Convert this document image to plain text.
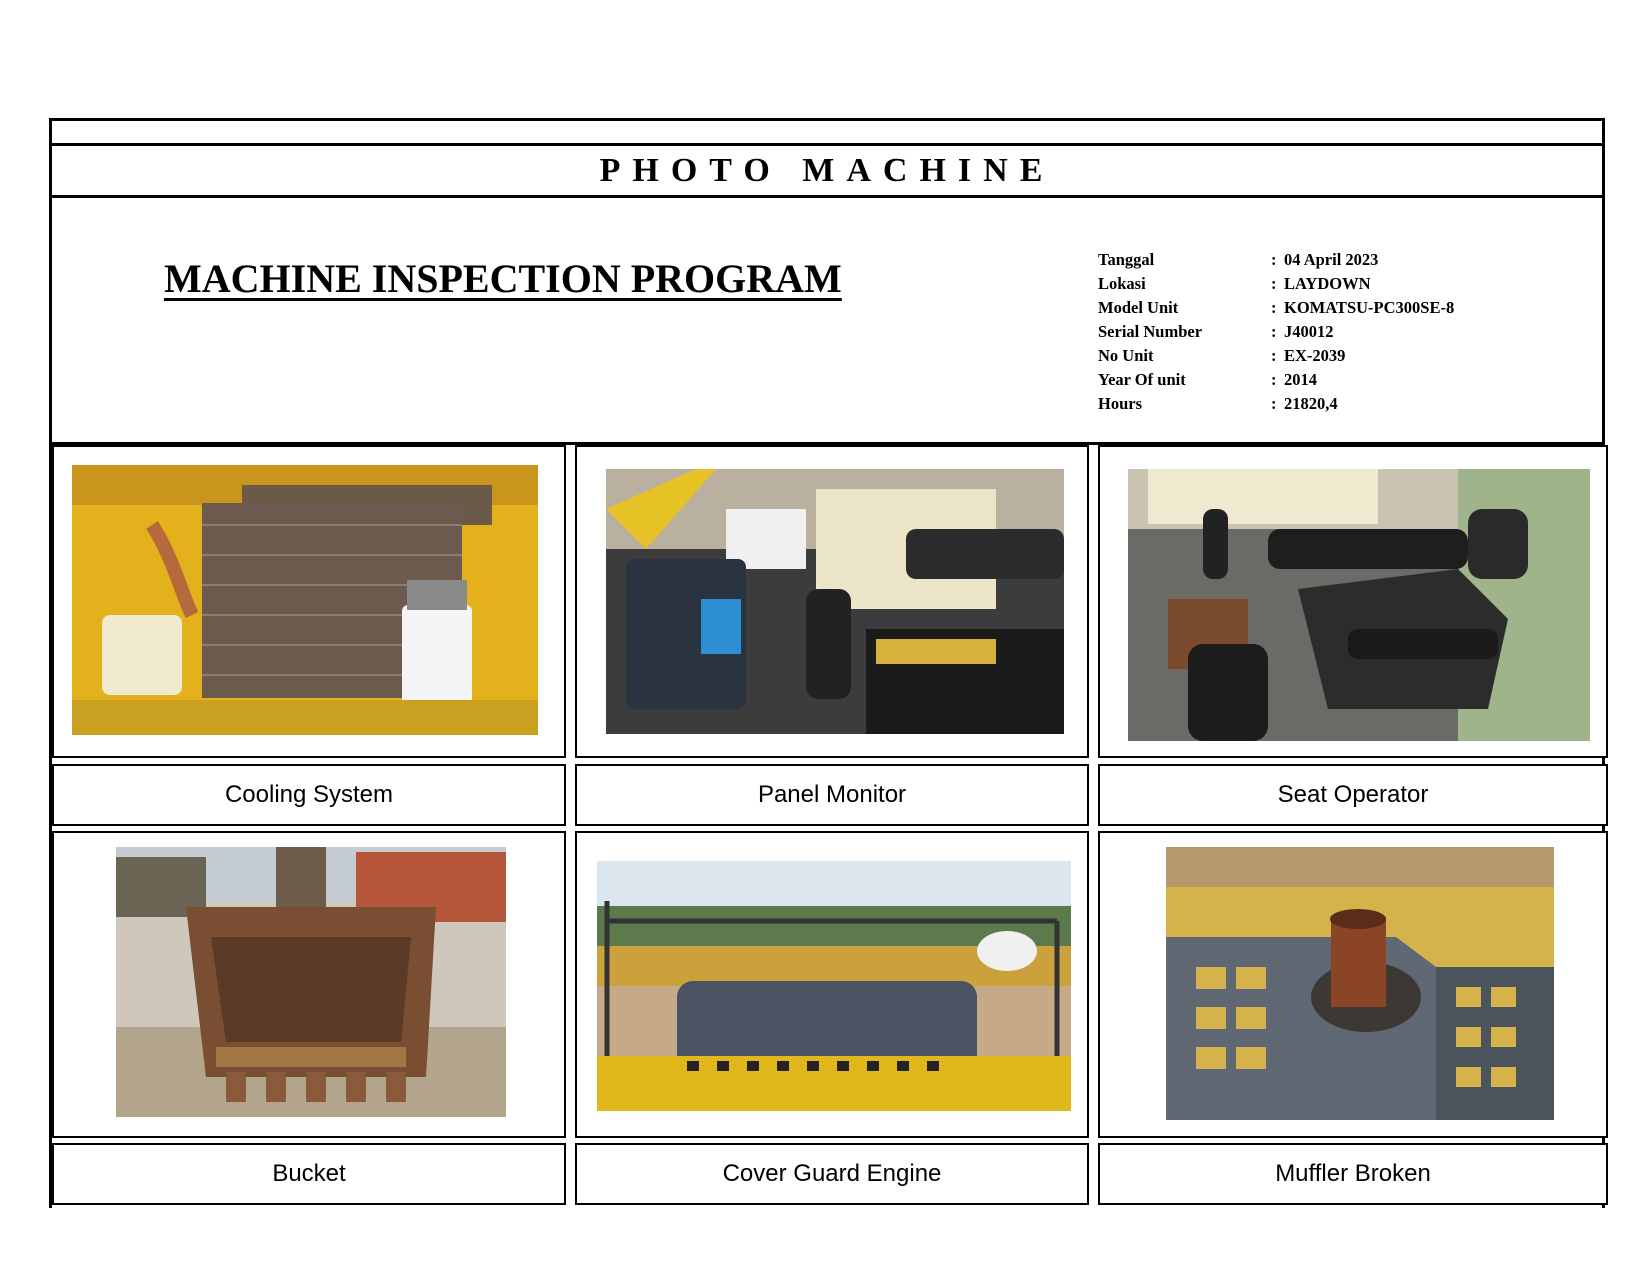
PHOTO MACHINE
MACHINE INSPECTION PROGRAM	Tanggal	: 04 April 2023
Lokasi	: LAYDOWN
Model Unit	: KOMATSU-PC300SE-8
Serial Number	: J40012
No Unit	: EX-2039
Year Of unit	: 2014
Hours	: 21820,4
Cooling System	Panel Monitor	Seat Operator
Bucket	Cover Guard Engine	Muffler Broken
